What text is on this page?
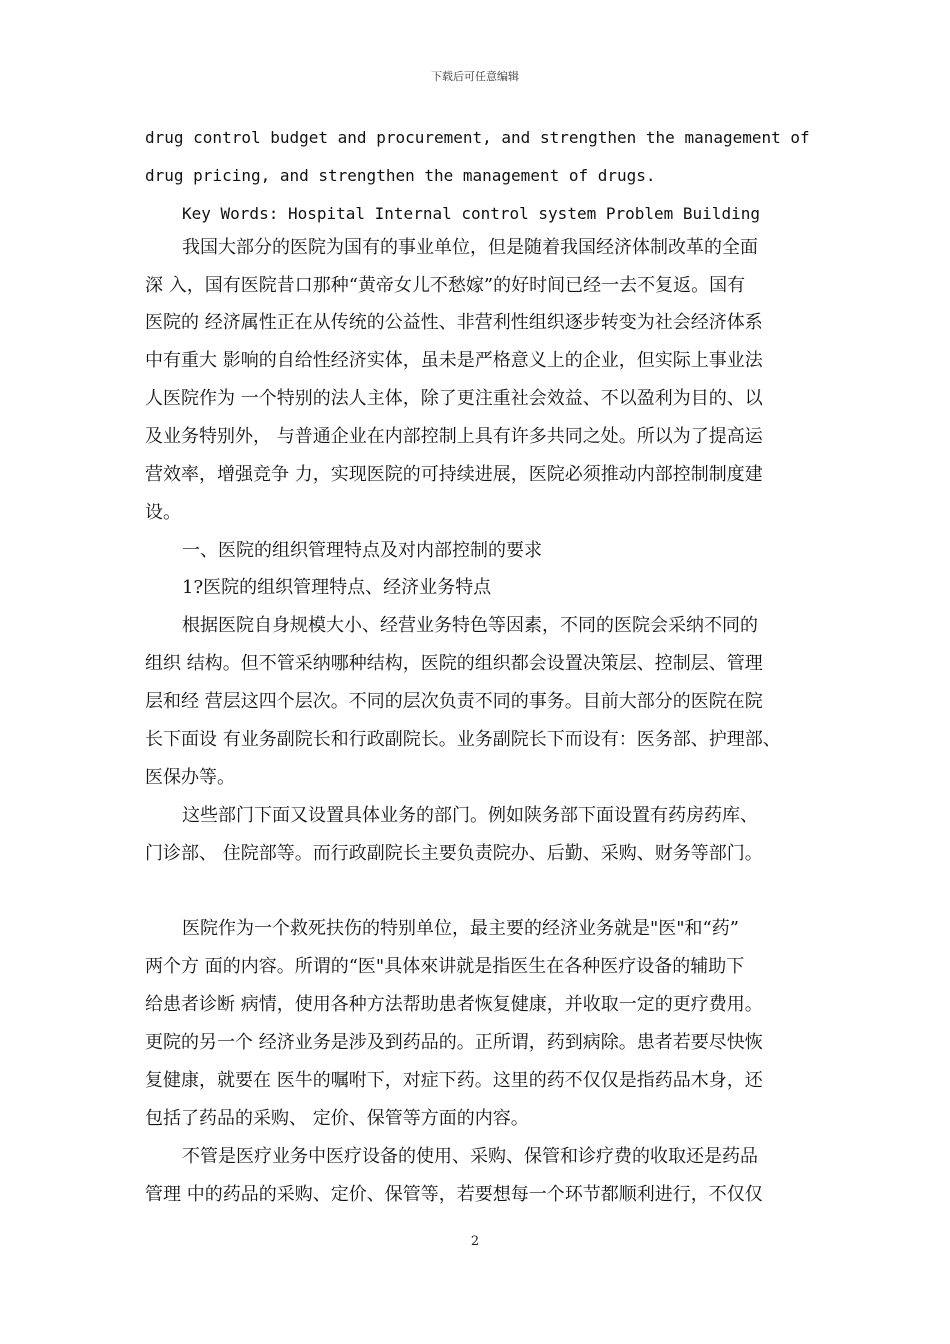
下载后可任意编辑
drug control budget and procurement, and strengthen the management of
drug pricing, and strengthen the management of drugs.
Key Words: Hospital Internal control system Problem Building
我国大部分的医院为国有的事业单位，但是随着我国经济体制改革的全面
深 入，国有医院昔口那种“黄帝女儿不愁嫁”的好时间已经一去不复返。国有
医院的 经济属性正在从传统的公益性、非营利性组织逐步转变为社会经济体系
中有重大 影响的自给性经济实体，虽未是严格意义上的企业，但实际上事业法
人医院作为 一个特别的法人主体，除了更注重社会效益、不以盈利为目的、以
及业务特别外， 与普通企业在内部控制上具有许多共同之处。所以为了提高运
营效率，增强竞争 力，实现医院的可持续进展，医院必须推动内部控制制度建
设。
一、医院的组织管理特点及对内部控制的要求
1?医院的组织管理特点、经济业务特点
根据医院自身规模大小、经营业务特色等因素，不同的医院会采纳不同的
组织 结构。但不管采纳哪种结构，医院的组织都会设置决策层、控制层、管理
层和经 营层这四个层次。不同的层次负责不同的事务。目前大部分的医院在院
长下面设 有业务副院长和行政副院长。业务副院长下而设有：医务部、护理部、
医保办等。
这些部门下面又设置具体业务的部门。例如陕务部下面设置有药房药库、
门诊部、 住院部等。而行政副院长主要负责院办、后勤、采购、财务等部门。
医院作为一个救死扶伤的特别单位，最主要的经济业务就是"医"和“药”
两个方 面的内容。所谓的“医"具体來讲就是指医生在各种医疗设备的辅助下
给患者诊断 病情，使用各种方法帮助患者恢复健康，并收取一定的更疗费用。
更院的另一个 经济业务是涉及到药品的。正所谓，药到病除。患者若要尽快恢
复健康，就要在 医牛的嘱咐下，对症下药。这里的药不仅仅是指药品木身，还
包括了药品的采购、 定价、保管等方面的内容。
不管是医疗业务中医疗设备的使用、采购、保管和诊疗费的收取还是药品
管理 中的药品的采购、定价、保管等，若要想每一个环节都顺利进行，不仅仅
2
